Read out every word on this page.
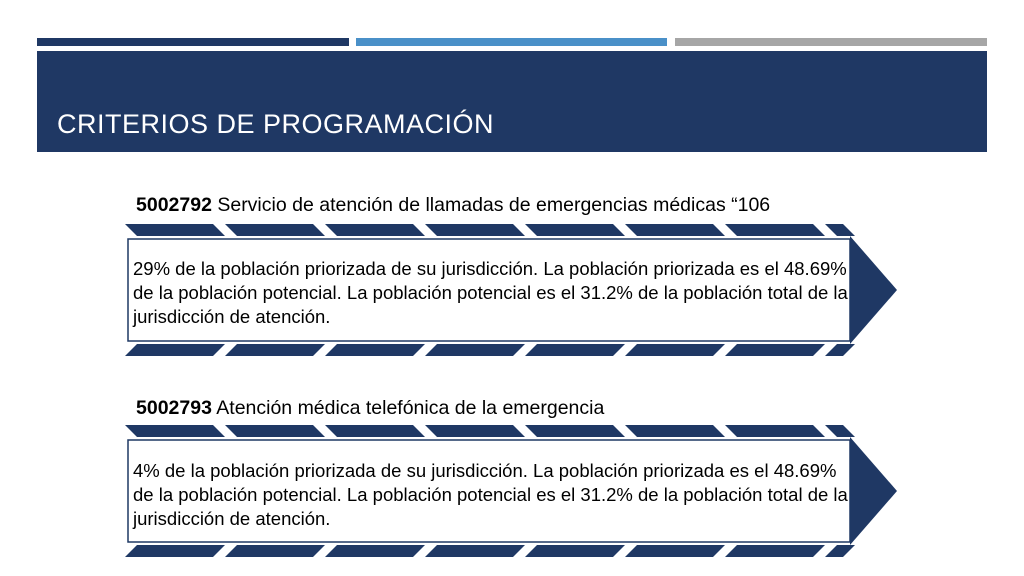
CRITERIOS DE PROGRAMACIÓN
5002792 Servicio de atención de llamadas de emergencias médicas “106
29% de la población priorizada de su jurisdicción. La población priorizada es el 48.69% de la población potencial. La población potencial es el 31.2% de la población total de la jurisdicción de atención.
5002793 Atención médica telefónica de la emergencia
4% de la población priorizada de su jurisdicción. La población priorizada es el 48.69% de la población potencial. La población potencial es el 31.2% de la población total de la jurisdicción de atención.
